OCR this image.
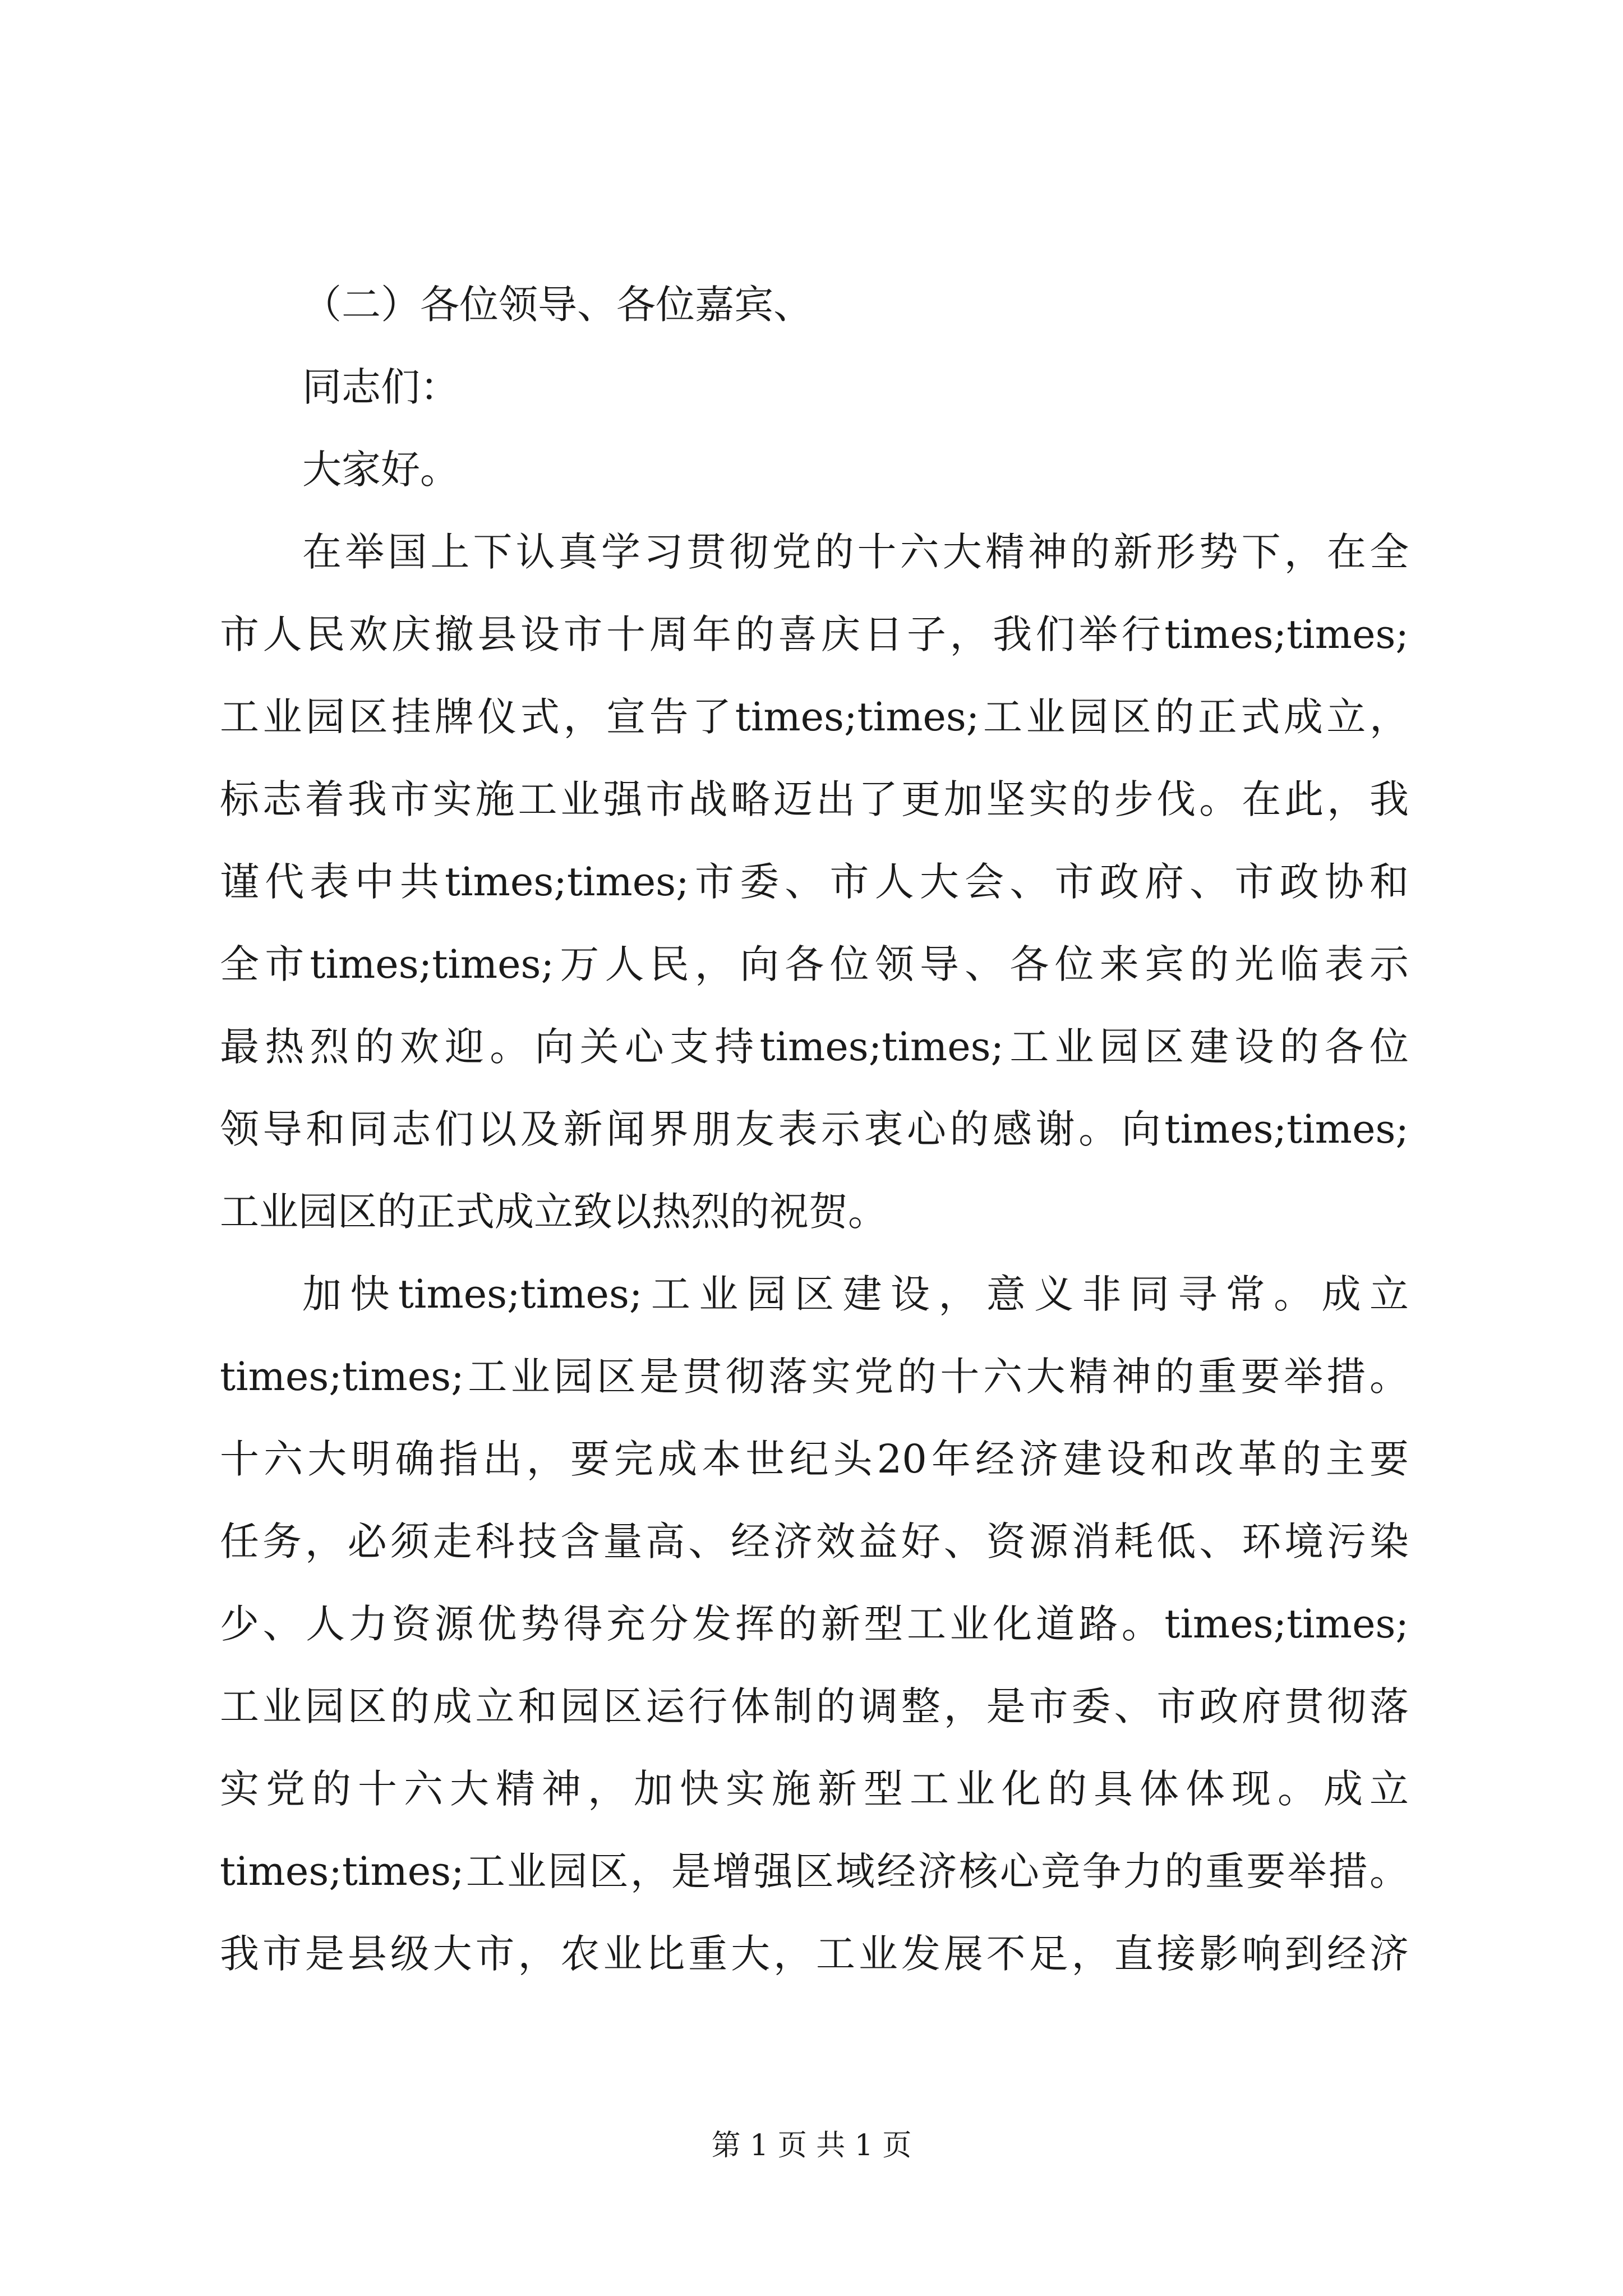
（二）各位领导、各位嘉宾、
同志们：
大家好。
在举国上下认真学习贯彻党的十六大精神的新形势下，在全
市人民欢庆撤县设市十周年的喜庆日子，我们举行times;times;
工业园区挂牌仪式，宣告了times;times;工业园区的正式成立，
标志着我市实施工业强市战略迈出了更加坚实的步伐。在此，我
谨代表中共times;times;市委、市人大会、市政府、市政协和
全市times;times;万人民，向各位领导、各位来宾的光临表示
最热烈的欢迎。向关心支持times;times;工业园区建设的各位
领导和同志们以及新闻界朋友表示衷心的感谢。向times;times;
工业园区的正式成立致以热烈的祝贺。
加快times;times;工业园区建设，意义非同寻常。成立
times;times;工业园区是贯彻落实党的十六大精神的重要举措。
十六大明确指出，要完成本世纪头20年经济建设和改革的主要
任务，必须走科技含量高、经济效益好、资源消耗低、环境污染
少、人力资源优势得充分发挥的新型工业化道路。times;times;
工业园区的成立和园区运行体制的调整，是市委、市政府贯彻落
实党的十六大精神，加快实施新型工业化的具体体现。成立
times;times;工业园区，是增强区域经济核心竞争力的重要举措。
我市是县级大市，农业比重大，工业发展不足，直接影响到经济
第 1 页 共 1 页
